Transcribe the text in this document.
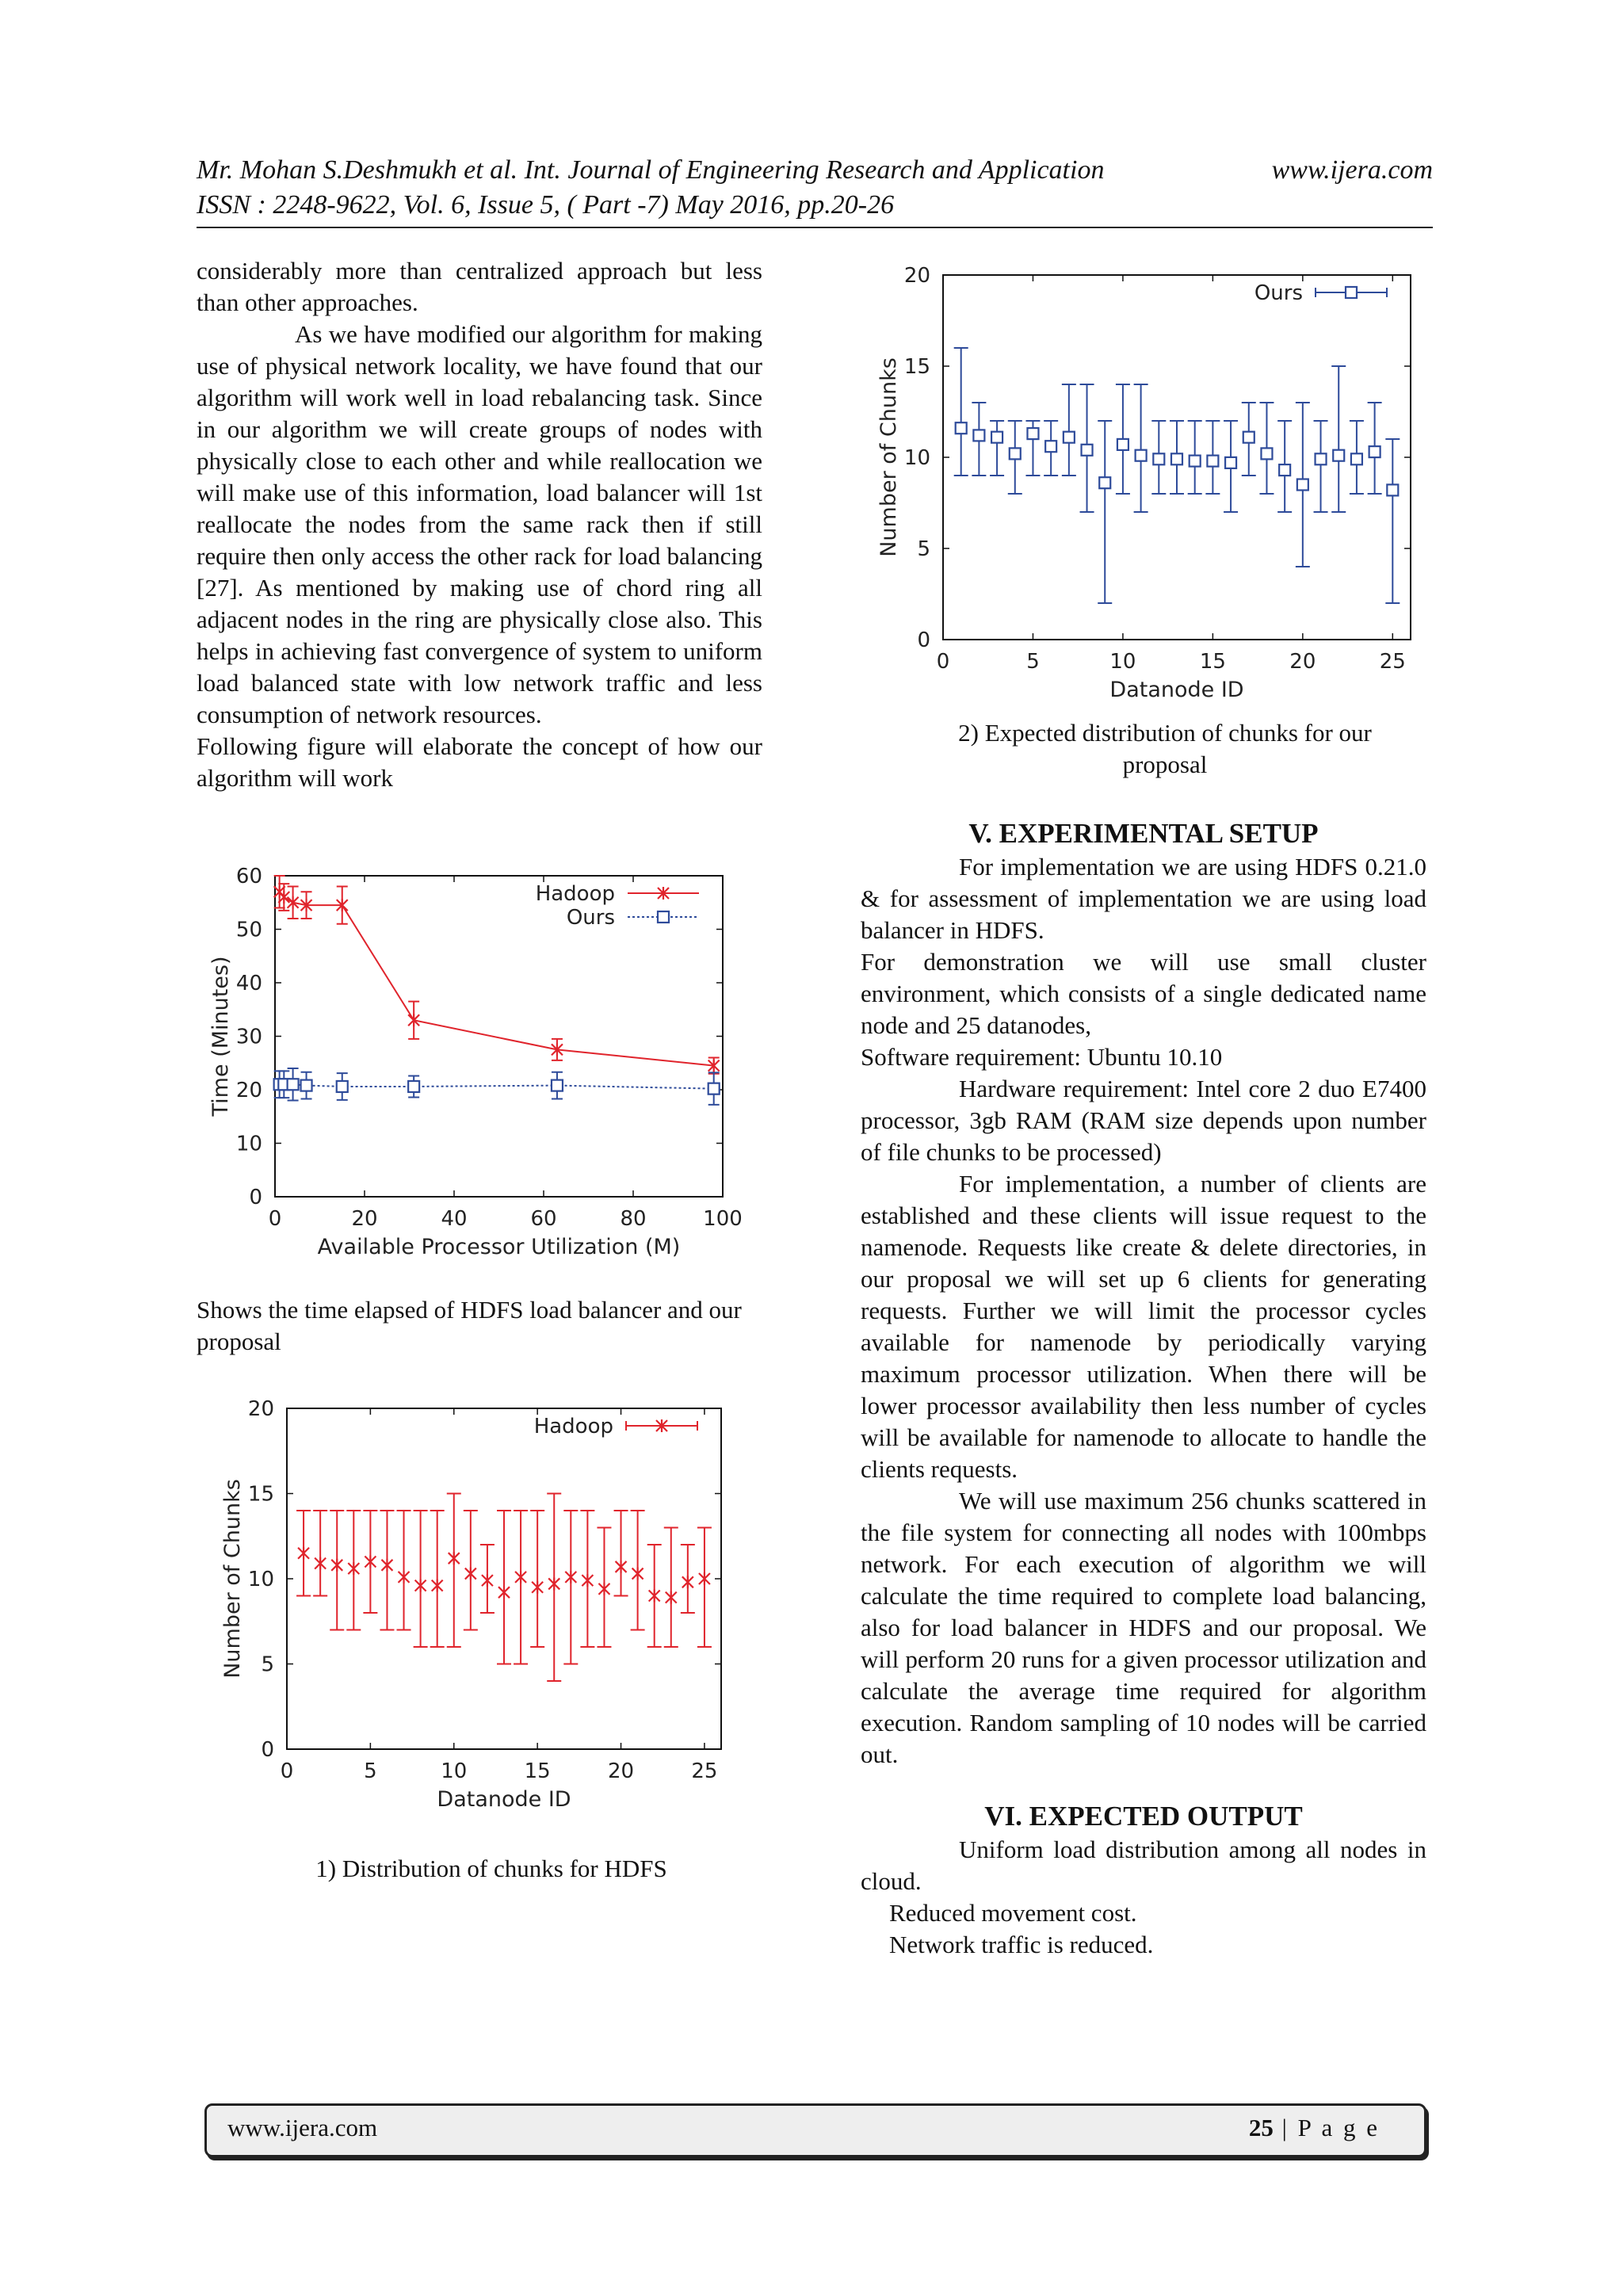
Mr. Mohan S.Deshmukh et al. Int. Journal of Engineering Research and Application	www.ijera.com
ISSN : 2248-9622, Vol. 6, Issue 5, ( Part -7) May 2016, pp.20-26

considerably more than centralized approach but less than other approaches.

As we have modified our algorithm for making use of physical network locality, we have found that our algorithm will work well in load rebalancing task. Since in our algorithm we will create groups of nodes with physically close to each other and while reallocation we will make use of this information, load balancer will 1st reallocate the nodes from the same rack then if still require then only access the other rack for load balancing [27]. As mentioned by making use of chord ring all adjacent nodes in the ring are physically close also. This helps in achieving fast convergence of system to uniform load balanced state with low network traffic and less consumption of network resources.

Following figure will elaborate the concept of how our algorithm will work

0	20	40	80	100
60
0
10
20
30
40
50
60
Available Processor Utilization (M)
Time (Minutes)
Hadoop
Ours
Shows the time elapsed of HDFS load balancer and our proposal
0	5	10	15	20	25
0
5
10
15
20
Datanode ID
Number of Chunks
Hadoop
1) Distribution of chunks for HDFS
0	5	10	15	20	25
0
5
10
15
20
Datanode ID
Number of Chunks
Ours
2) Expected distribution of chunks for our
proposal
V. EXPERIMENTAL SETUP

For implementation we are using HDFS 0.21.0 & for assessment of implementation we are using load balancer in HDFS.

For demonstration we will use small cluster environment, which consists of a single dedicated name node and 25 datanodes,

Software requirement: Ubuntu 10.10

Hardware requirement: Intel core 2 duo E7400 processor, 3gb RAM (RAM size depends upon number of file chunks to be processed)

For implementation, a number of clients are established and these clients will issue request to the namenode. Requests like create & delete directories, in our proposal we will set up 6 clients for generating requests. Further we will limit the processor cycles available for namenode by periodically varying maximum processor utilization. When there will be lower processor availability then less number of cycles will be available for namenode to allocate to handle the clients requests.

We will use maximum 256 chunks scattered in the file system for connecting all nodes with 100mbps network. For each execution of algorithm we will calculate the time required to complete load balancing, also for load balancer in HDFS and our proposal. We will perform 20 runs for a given processor utilization and calculate the average time required for algorithm execution. Random sampling of 10 nodes will be carried out.

VI. EXPECTED OUTPUT

Uniform load distribution among all nodes in cloud.

Reduced movement cost.

Network traffic is reduced.

www.ijera.com	25 | P a g e
